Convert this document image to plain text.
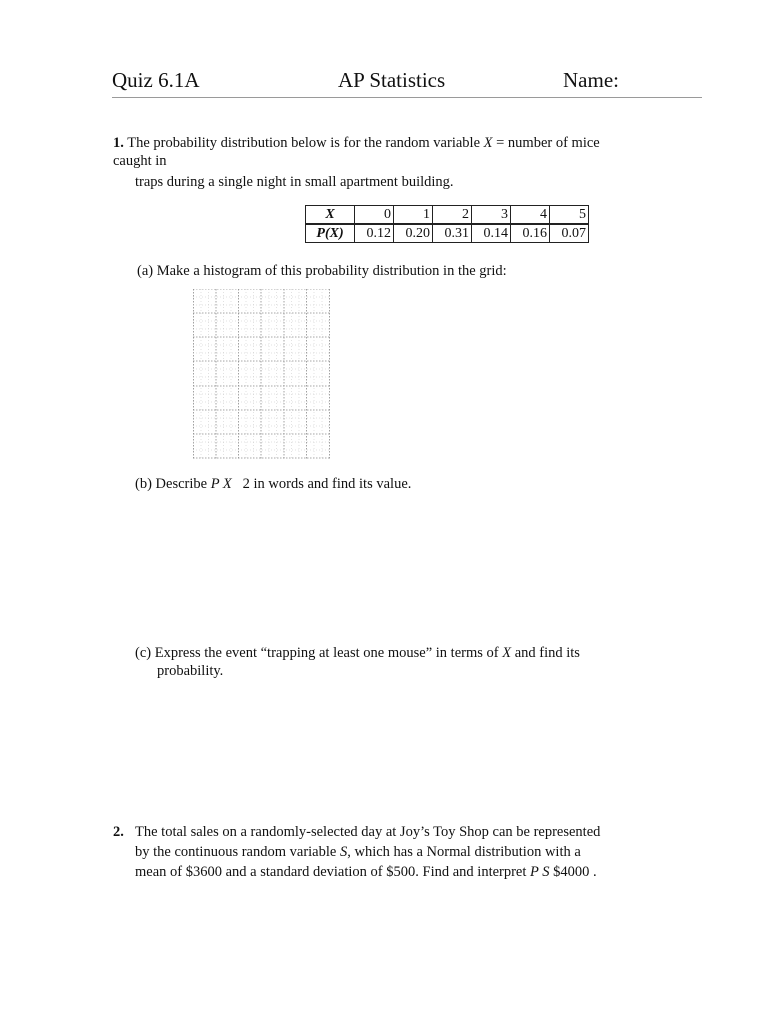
Quiz 6.1A	AP Statistics	Name:
1. The probability distribution below is for the random variable X = number of mice
caught in
traps during a single night in small apartment building.
X	0	1	2	3	4	5
P(X)	0.12	0.20	0.31	0.14	0.16	0.07
(a) Make a histogram of this probability distribution in the grid:
(b) Describe P X 2 in words and find its value.
(c) Express the event “trapping at least one mouse” in terms of X and find its
probability.
2. The total sales on a randomly-selected day at Joy’s Toy Shop can be represented
by the continuous random variable S, which has a Normal distribution with a
mean of $3600 and a standard deviation of $500. Find and interpret P S $4000 .
